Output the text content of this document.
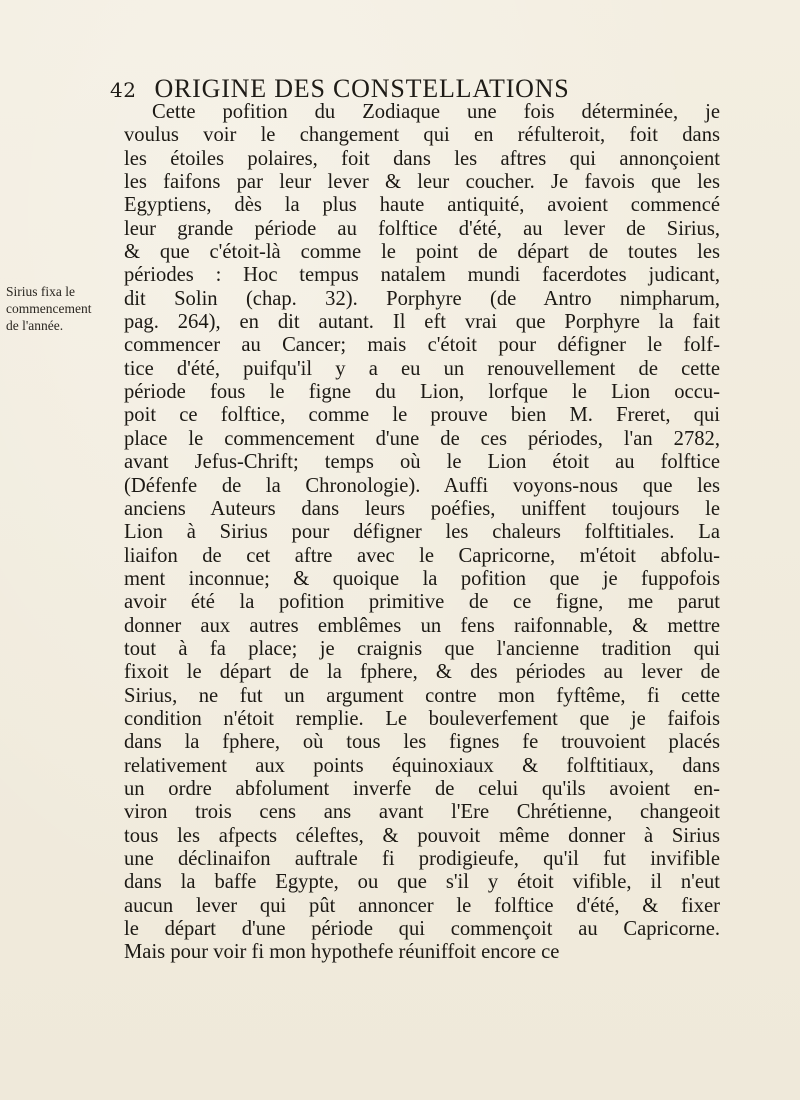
42 ORIGINE DES CONSTELLATIONS
Sirius fixa le
commencement
de l'année.
Cette pofition du Zodiaque une fois déterminée, je
voulus voir le changement qui en réfulteroit, foit dans
les étoiles polaires, foit dans les aftres qui annonçoient
les faifons par leur lever & leur coucher. Je favois que les
Egyptiens, dès la plus haute antiquité, avoient commencé
leur grande période au folftice d'été, au lever de Sirius,
& que c'étoit-là comme le point de départ de toutes les
périodes : Hoc tempus natalem mundi facerdotes judicant,
dit Solin (chap. 32). Porphyre (de Antro nimpharum,
pag. 264), en dit autant. Il eft vrai que Porphyre la fait
commencer au Cancer; mais c'étoit pour défigner le folf-
tice d'été, puifqu'il y a eu un renouvellement de cette
période fous le figne du Lion, lorfque le Lion occu-
poit ce folftice, comme le prouve bien M. Freret, qui
place le commencement d'une de ces périodes, l'an 2782,
avant Jefus-Chrift; temps où le Lion étoit au folftice
(Défenfe de la Chronologie). Auffi voyons-nous que les
anciens Auteurs dans leurs poéfies, uniffent toujours le
Lion à Sirius pour défigner les chaleurs folftitiales. La
liaifon de cet aftre avec le Capricorne, m'étoit abfolu-
ment inconnue; & quoique la pofition que je fuppofois
avoir été la pofition primitive de ce figne, me parut
donner aux autres emblêmes un fens raifonnable, & mettre
tout à fa place; je craignis que l'ancienne tradition qui
fixoit le départ de la fphere, & des périodes au lever de
Sirius, ne fut un argument contre mon fyftême, fi cette
condition n'étoit remplie. Le bouleverfement que je faifois
dans la fphere, où tous les fignes fe trouvoient placés
relativement aux points équinoxiaux & folftitiaux, dans
un ordre abfolument inverfe de celui qu'ils avoient en-
viron trois cens ans avant l'Ere Chrétienne, changeoit
tous les afpects céleftes, & pouvoit même donner à Sirius
une déclinaifon auftrale fi prodigieufe, qu'il fut invifible
dans la baffe Egypte, ou que s'il y étoit vifible, il n'eut
aucun lever qui pût annoncer le folftice d'été, & fixer
le départ d'une période qui commençoit au Capricorne.
Mais pour voir fi mon hypothefe réuniffoit encore ce
